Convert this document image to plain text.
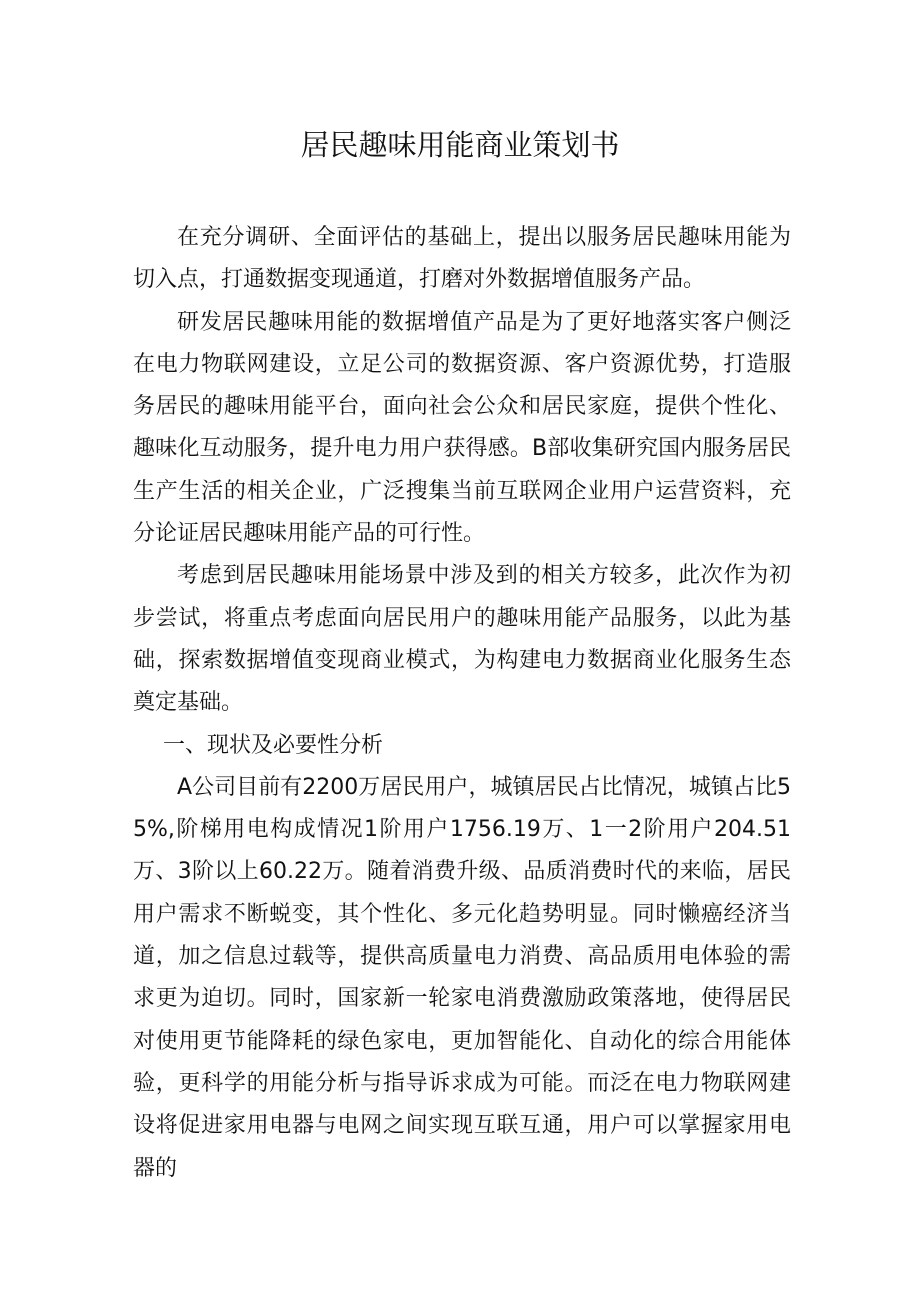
居民趣味用能商业策划书

在充分调研、全面评估的基础上，提出以服务居民趣味用能为切入点，打通数据变现通道，打磨对外数据增值服务产品。

研发居民趣味用能的数据增值产品是为了更好地落实客户侧泛在电力物联网建设，立足公司的数据资源、客户资源优势，打造服务居民的趣味用能平台，面向社会公众和居民家庭，提供个性化、趣味化互动服务，提升电力用户获得感。B部收集研究国内服务居民生产生活的相关企业，广泛搜集当前互联网企业用户运营资料，充分论证居民趣味用能产品的可行性。

考虑到居民趣味用能场景中涉及到的相关方较多，此次作为初步尝试，将重点考虑面向居民用户的趣味用能产品服务，以此为基础，探索数据增值变现商业模式，为构建电力数据商业化服务生态奠定基础。

一、现状及必要性分析

A公司目前有2200万居民用户，城镇居民占比情况，城镇占比55%,阶梯用电构成情况1阶用户1756.19万、1一2阶用户204.51万、3阶以上60.22万。随着消费升级、品质消费时代的来临，居民用户需求不断蜕变，其个性化、多元化趋势明显。同时懒癌经济当道，加之信息过载等，提供高质量电力消费、高品质用电体验的需求更为迫切。同时，国家新一轮家电消费激励政策落地，使得居民对使用更节能降耗的绿色家电，更加智能化、自动化的综合用能体验，更科学的用能分析与指导诉求成为可能。而泛在电力物联网建设将促进家用电器与电网之间实现互联互通，用户可以掌握家用电器的
